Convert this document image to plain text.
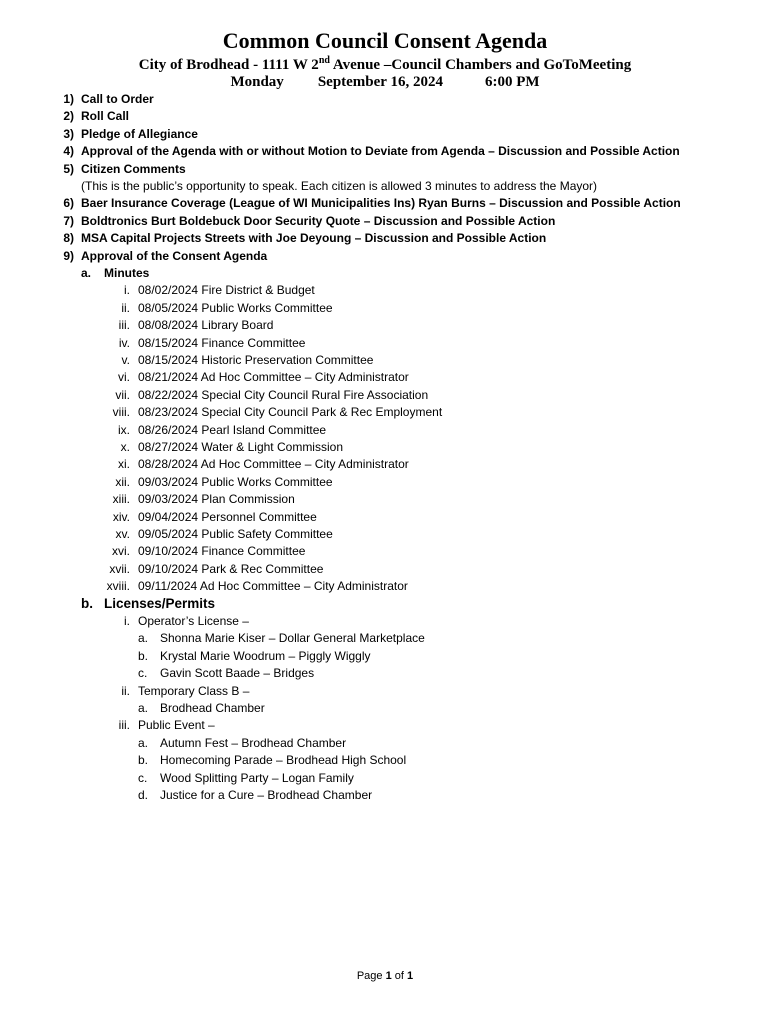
Common Council Consent Agenda
City of Brodhead - 1111 W 2nd Avenue –Council Chambers and GoToMeeting
Monday September 16, 2024	6:00 PM
1) Call to Order
2) Roll Call
3) Pledge of Allegiance
4) Approval of the Agenda with or without Motion to Deviate from Agenda – Discussion and Possible Action
5) Citizen Comments
(This is the public’s opportunity to speak. Each citizen is allowed 3 minutes to address the Mayor)
6) Baer Insurance Coverage (League of WI Municipalities Ins) Ryan Burns – Discussion and Possible Action
7) Boldtronics Burt Boldebuck Door Security Quote – Discussion and Possible Action
8) MSA Capital Projects Streets with Joe Deyoung – Discussion and Possible Action
9) Approval of the Consent Agenda
a. Minutes
i. 08/02/2024 Fire District & Budget
ii. 08/05/2024 Public Works Committee
iii. 08/08/2024 Library Board
iv. 08/15/2024 Finance Committee
v. 08/15/2024 Historic Preservation Committee
vi. 08/21/2024 Ad Hoc Committee – City Administrator
vii. 08/22/2024 Special City Council Rural Fire Association
viii. 08/23/2024 Special City Council Park & Rec Employment
ix. 08/26/2024 Pearl Island Committee
x. 08/27/2024 Water & Light Commission
xi. 08/28/2024 Ad Hoc Committee – City Administrator
xii. 09/03/2024 Public Works Committee
xiii. 09/03/2024 Plan Commission
xiv. 09/04/2024 Personnel Committee
xv. 09/05/2024 Public Safety Committee
xvi. 09/10/2024 Finance Committee
xvii. 09/10/2024 Park & Rec Committee
xviii. 09/11/2024 Ad Hoc Committee – City Administrator
b. Licenses/Permits
i. Operator’s License –
a. Shonna Marie Kiser – Dollar General Marketplace
b. Krystal Marie Woodrum – Piggly Wiggly
c. Gavin Scott Baade – Bridges
ii. Temporary Class B –
a. Brodhead Chamber
iii. Public Event –
a. Autumn Fest – Brodhead Chamber
b. Homecoming Parade – Brodhead High School
c. Wood Splitting Party – Logan Family
d. Justice for a Cure – Brodhead Chamber
Page 1 of 1
